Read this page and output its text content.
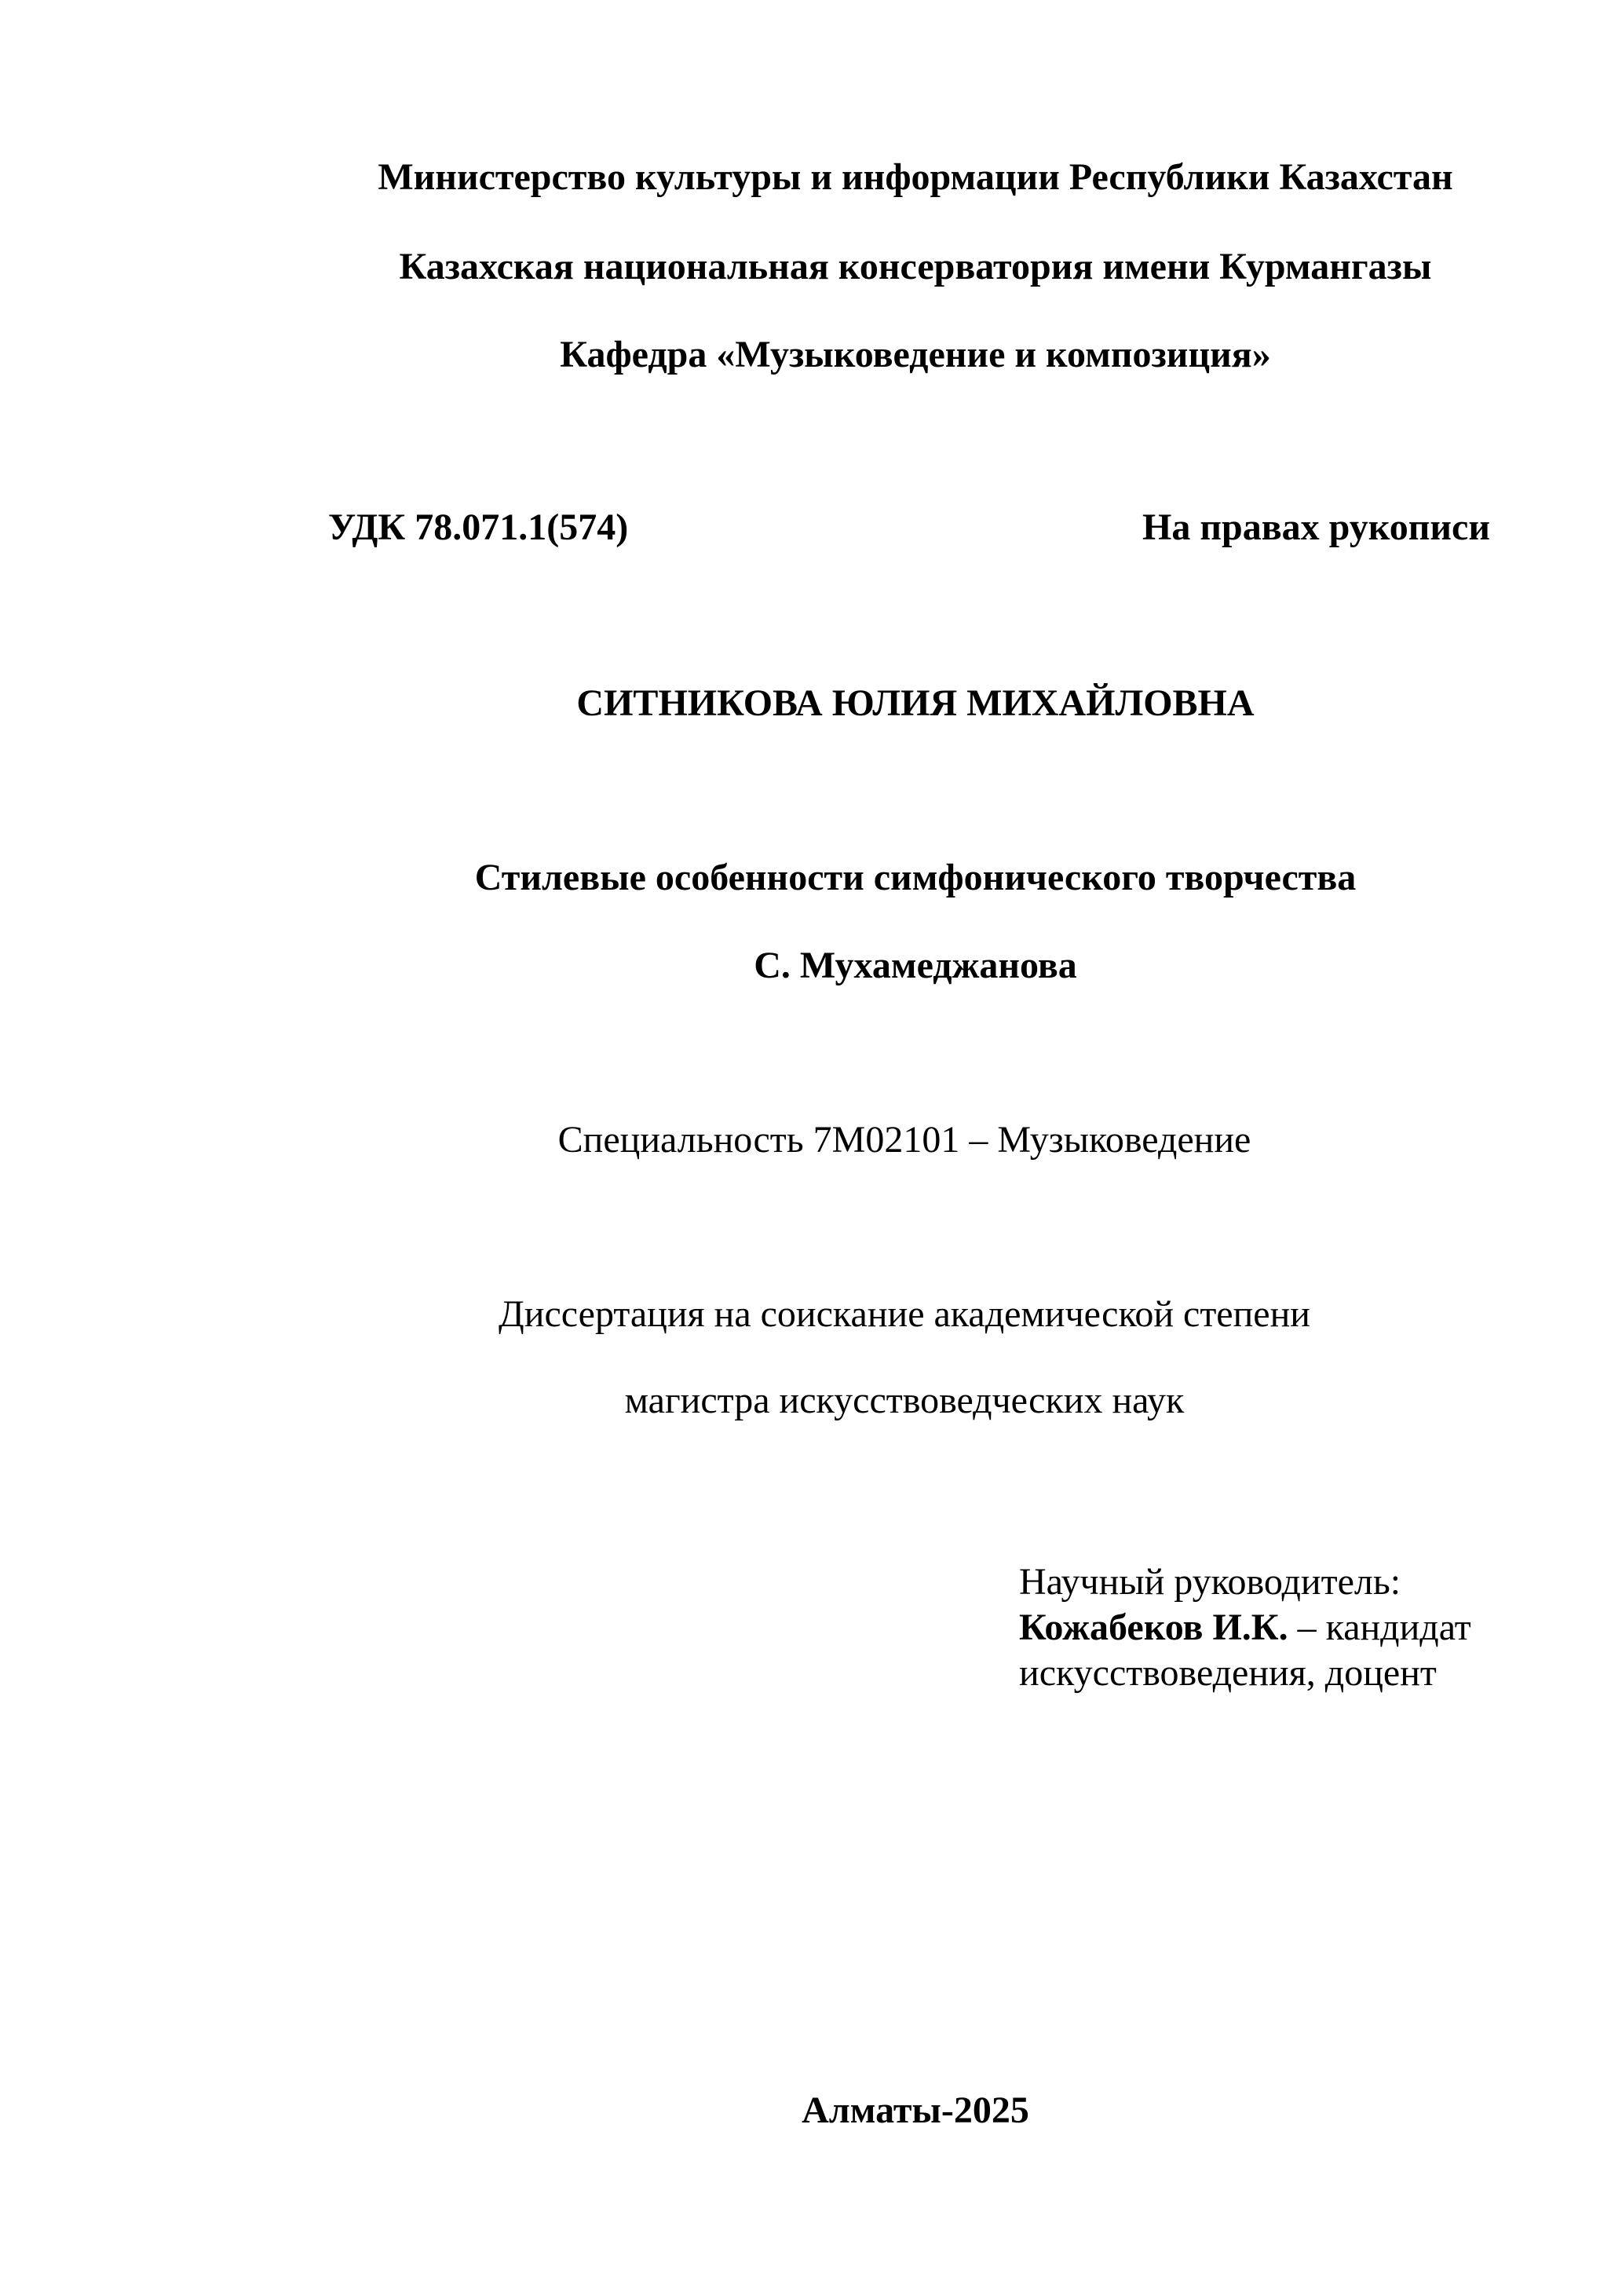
Министерство культуры и информации Республики Казахстан
Казахская национальная консерватория имени Курмангазы
Кафедра «Музыковедение и композиция»
УДК 78.071.1(574)	На правах рукописи
СИТНИКОВА ЮЛИЯ МИХАЙЛОВНА
Стилевые особенности симфонического творчества
С. Мухамеджанова
Специальность 7М02101 – Музыковедение
Диссертация на соискание академической степени
магистра искусствоведческих наук
Научный руководитель:
Кожабеков И.К. – кандидат
искусствоведения, доцент
Алматы-2025
